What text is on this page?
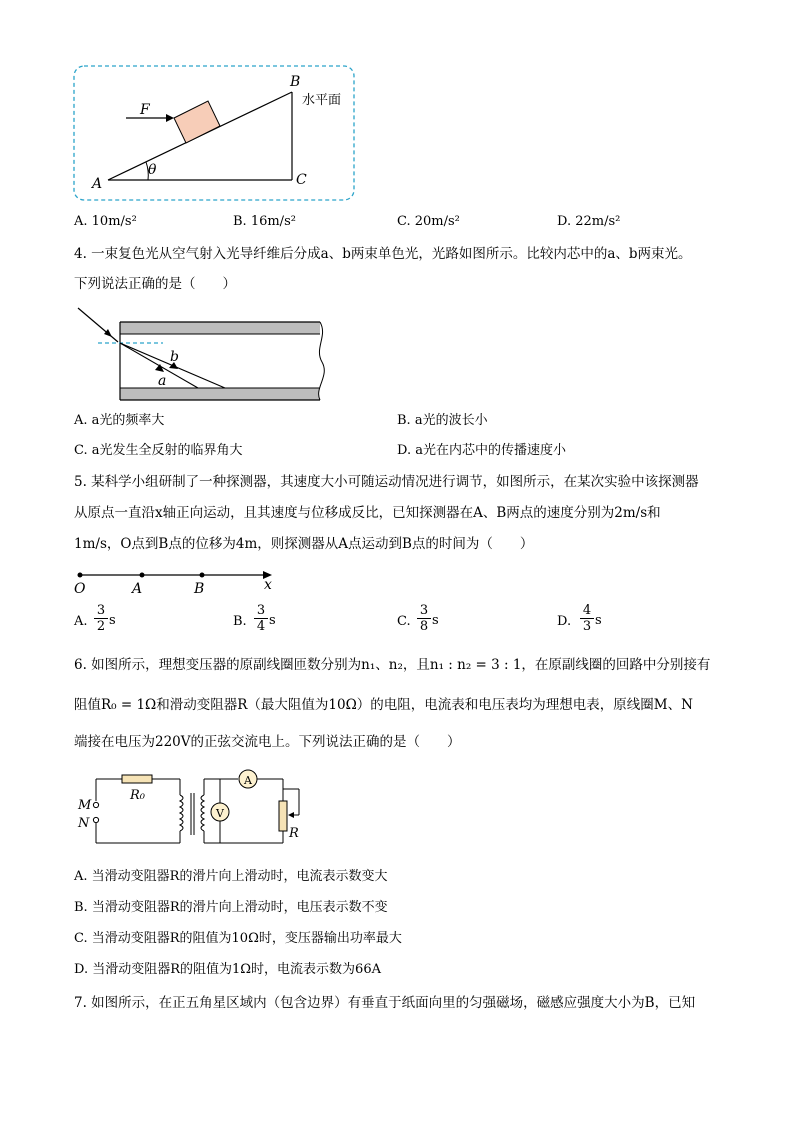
F
B
水平面
A	C
θ
A. 10m/s²	B. 16m/s²	C. 20m/s²	D. 22m/s²
4. 一束复色光从空气射入光导纤维后分成a、b两束单色光，光路如图所示。比较内芯中的a、b两束光。
下列说法正确的是（　　）
b
a
A. a光的频率大	B. a光的波长小
C. a光发生全反射的临界角大	D. a光在内芯中的传播速度小
5. 某科学小组研制了一种探测器，其速度大小可随运动情况进行调节，如图所示，在某次实验中该探测器
从原点一直沿x轴正向运动，且其速度与位移成反比，已知探测器在A、B两点的速度分别为2m/s和
1m/s，O点到B点的位移为4m，则探测器从A点运动到B点的时间为（　　）
O	A	B	x
A. $\frac{3}{2}$ s	B. $\frac{3}{4}$ s	C. $\frac{3}{8}$ s	D. $\frac{4}{3}$ s
6. 如图所示，理想变压器的原副线圈匝数分别为n₁、n₂，且n₁ : n₂ = 3 : 1，在原副线圈的回路中分别接有
阻值R₀ = 1Ω和滑动变阻器R（最大阻值为10Ω）的电阻，电流表和电压表均为理想电表，原线圈M、N
端接在电压为220V的正弦交流电上。下列说法正确的是（　　）
M
N
R₀
A
V
R
A. 当滑动变阻器R的滑片向上滑动时，电流表示数变大
B. 当滑动变阻器R的滑片向上滑动时，电压表示数不变
C. 当滑动变阻器R的阻值为10Ω时，变压器输出功率最大
D. 当滑动变阻器R的阻值为1Ω时，电流表示数为66A
7. 如图所示，在正五角星区域内（包含边界）有垂直于纸面向里的匀强磁场，磁感应强度大小为B，已知
